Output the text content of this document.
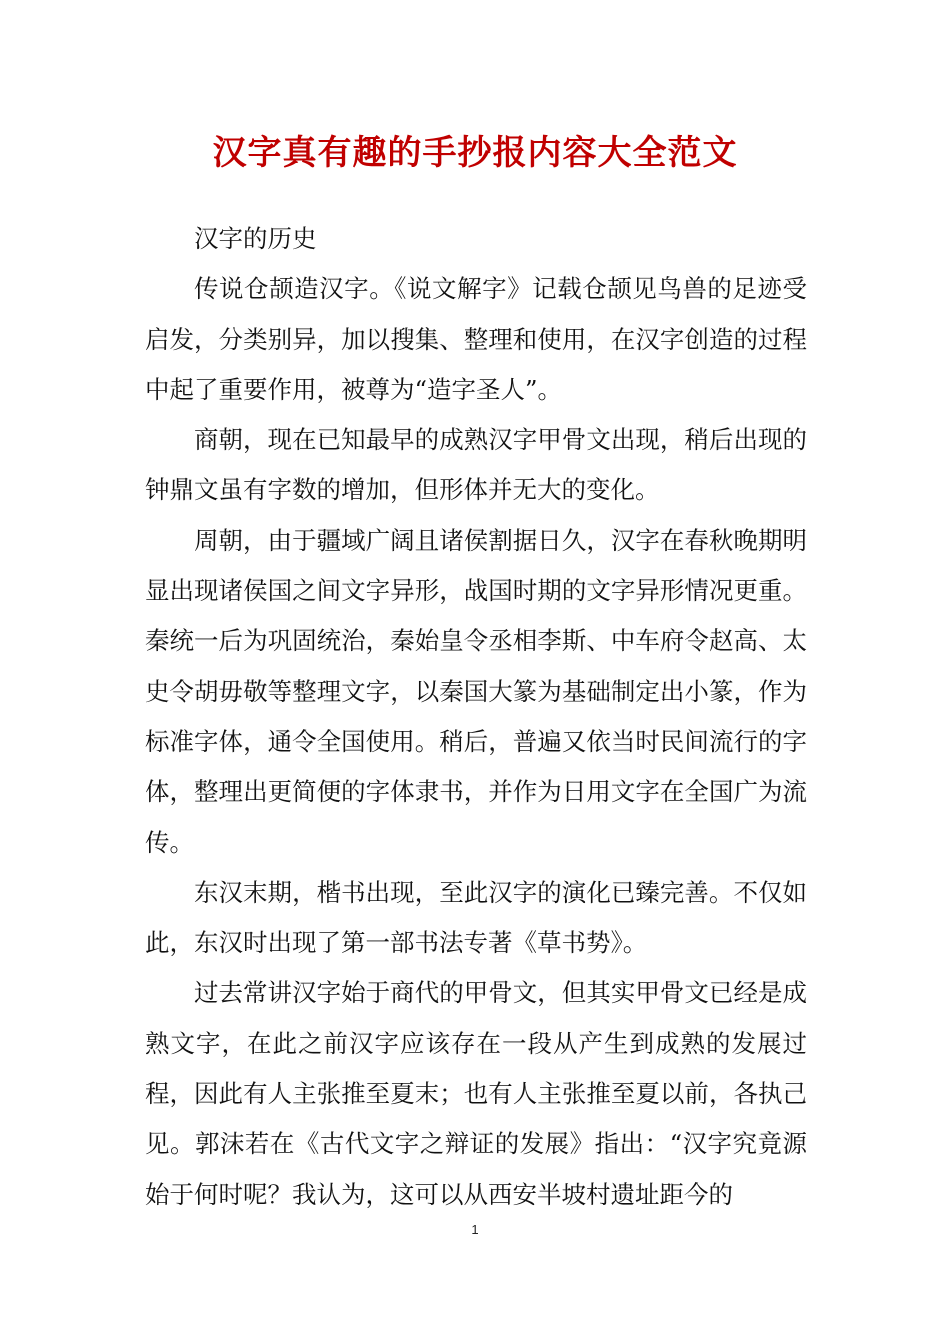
汉字真有趣的手抄报内容大全范文

汉字的历史

传说仓颉造汉字。《说文解字》记载仓颉见鸟兽的足迹受启发，分类别异，加以搜集、整理和使用，在汉字创造的过程中起了重要作用，被尊为“造字圣人”。

商朝，现在已知最早的成熟汉字甲骨文出现，稍后出现的钟鼎文虽有字数的增加，但形体并无大的变化。

周朝，由于疆域广阔且诸侯割据日久，汉字在春秋晚期明显出现诸侯国之间文字异形，战国时期的文字异形情况更重。秦统一后为巩固统治，秦始皇令丞相李斯、中车府令赵高、太史令胡毋敬等整理文字，以秦国大篆为基础制定出小篆，作为标准字体，通令全国使用。稍后，普遍又依当时民间流行的字体，整理出更简便的字体隶书，并作为日用文字在全国广为流传。

东汉末期，楷书出现，至此汉字的演化已臻完善。不仅如此，东汉时出现了第一部书法专著《草书势》。

过去常讲汉字始于商代的甲骨文，但其实甲骨文已经是成熟文字，在此之前汉字应该存在一段从产生到成熟的发展过程，因此有人主张推至夏末；也有人主张推至夏以前，各执己见。郭沫若在《古代文字之辩证的发展》指出：“汉字究竟源始于何时呢？我认为，这可以从西安半坡村遗址距今的

1
